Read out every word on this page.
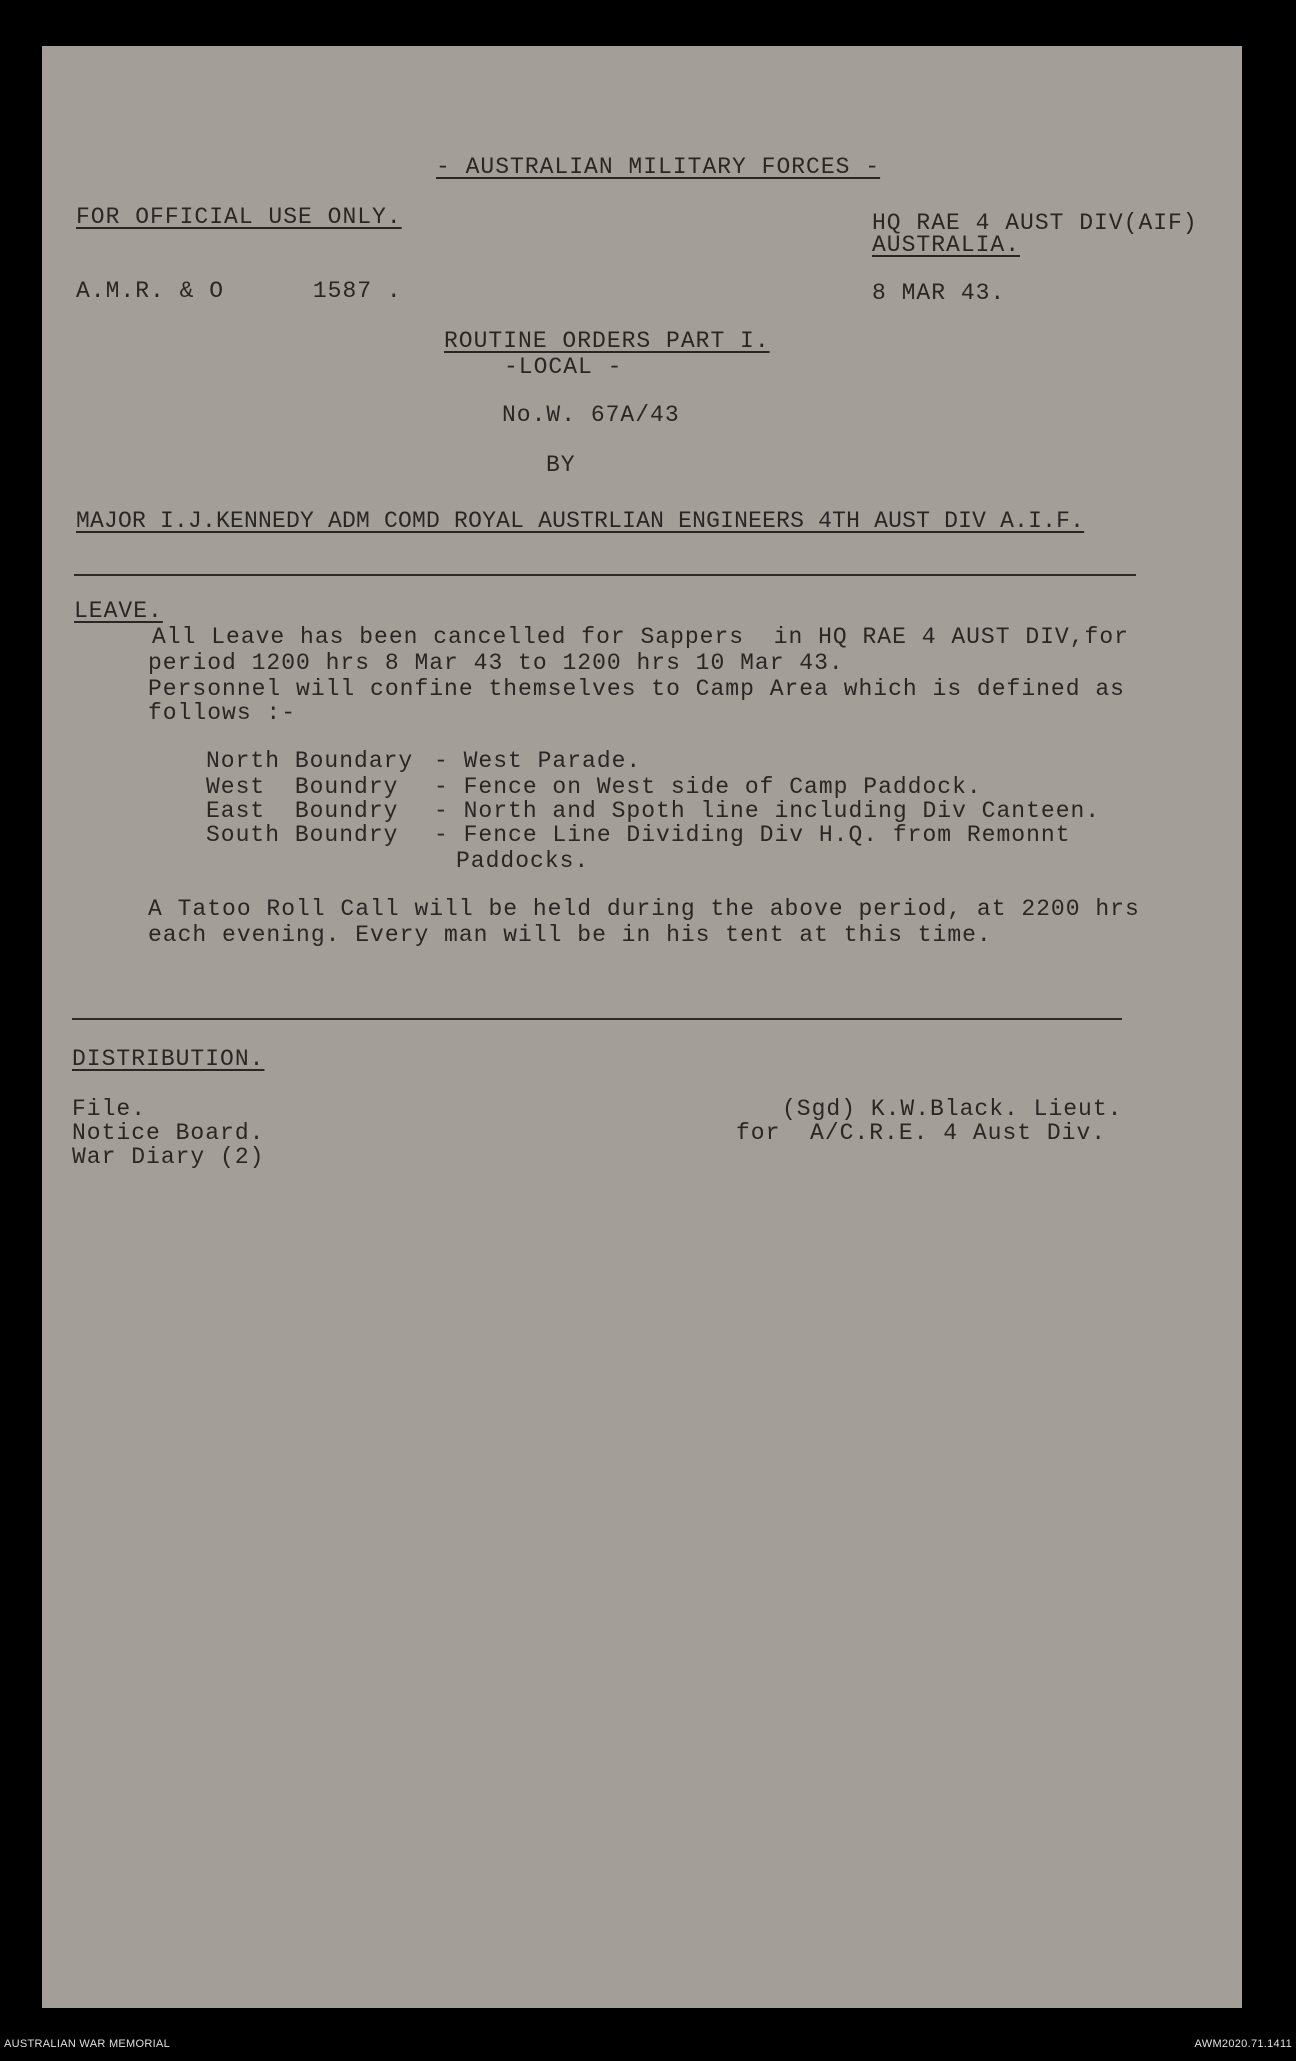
- AUSTRALIAN MILITARY FORCES -
FOR OFFICIAL USE ONLY.	HQ RAE 4 AUST DIV(AIF)
AUSTRALIA.
A.M.R. & O      1587 .	8 MAR 43.
ROUTINE ORDERS PART I.
-LOCAL -
No.W. 67A/43
BY
MAJOR I.J.KENNEDY ADM COMD ROYAL AUSTRLIAN ENGINEERS 4TH AUST DIV A.I.F.
LEAVE.
All Leave has been cancelled for Sappers  in HQ RAE 4 AUST DIV,for
period 1200 hrs 8 Mar 43 to 1200 hrs 10 Mar 43.
Personnel will confine themselves to Camp Area which is defined as
follows :-
North Boundary - West Parade.
West  Boundry - Fence on West side of Camp Paddock.
East  Boundry - North and Spoth line including Div Canteen.
South Boundry - Fence Line Dividing Div H.Q. from Remonnt
Paddocks.
A Tatoo Roll Call will be held during the above period, at 2200 hrs
each evening. Every man will be in his tent at this time.
DISTRIBUTION.
File.
Notice Board.
War Diary (2)
(Sgd) K.W.Black. Lieut.
for  A/C.R.E. 4 Aust Div.
AUSTRALIAN WAR MEMORIAL	AWM2020.71.1411
